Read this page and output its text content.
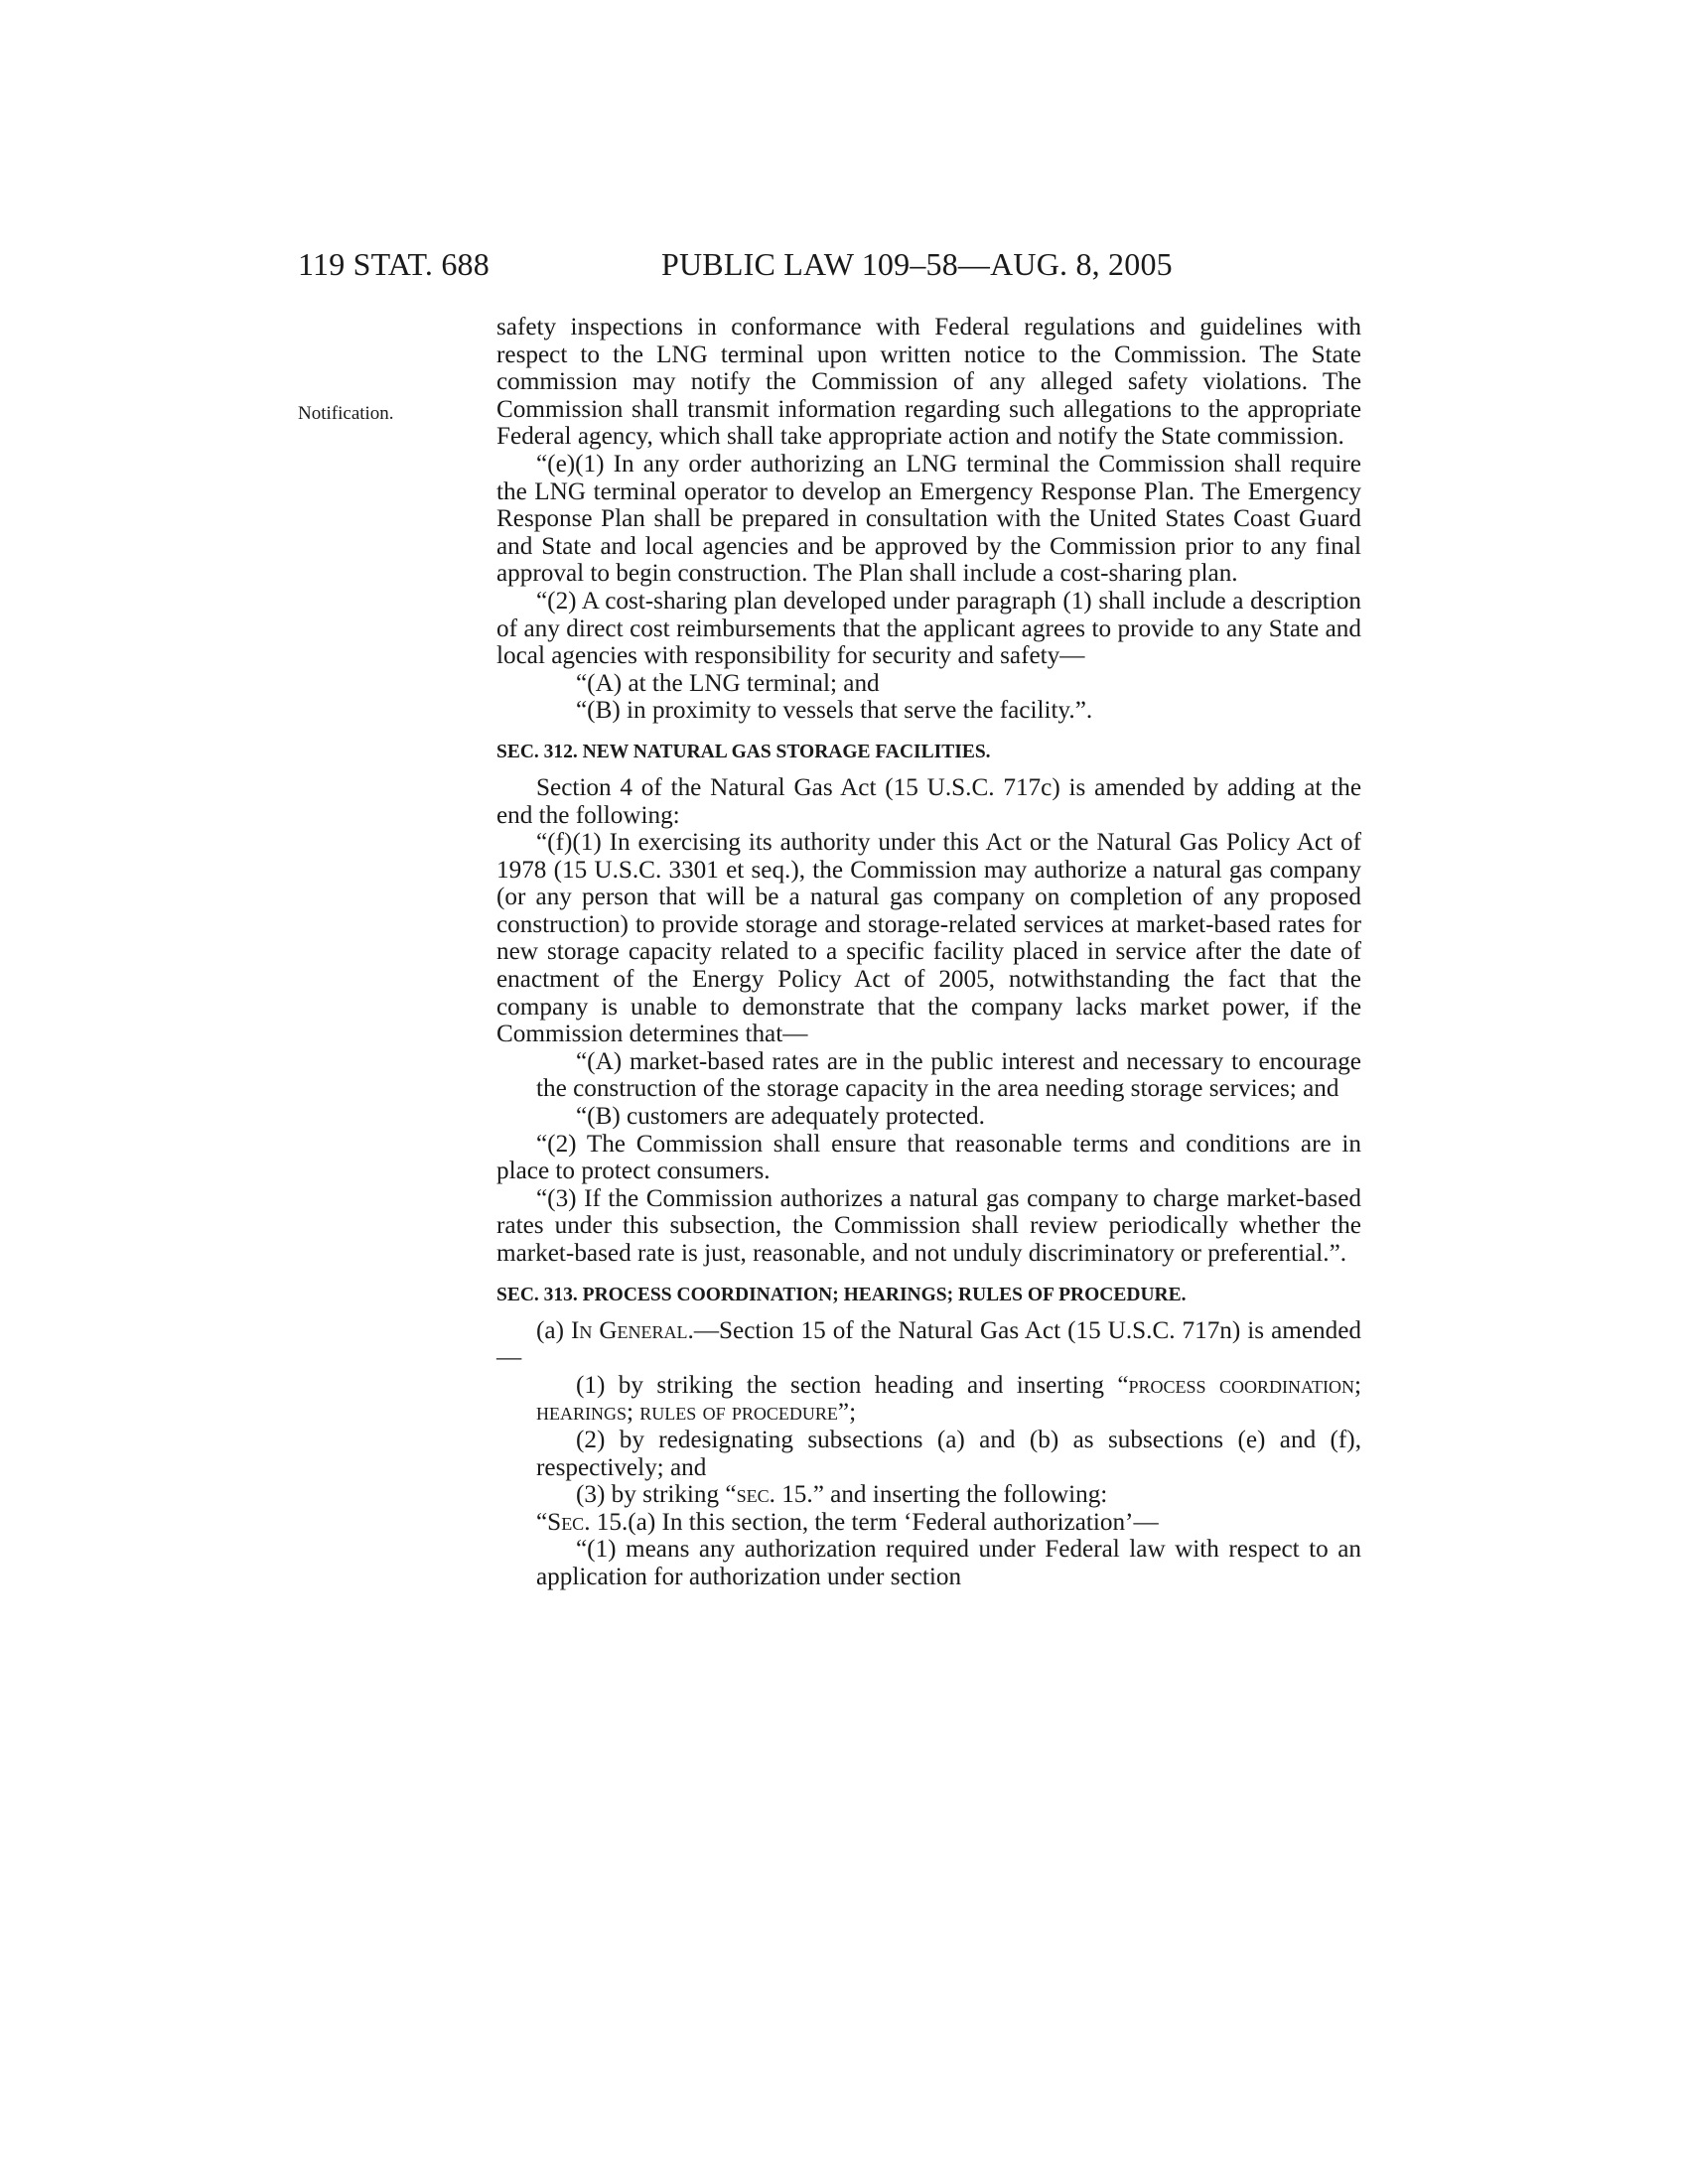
119 STAT. 688	PUBLIC LAW 109–58—AUG. 8, 2005
Notification.

safety inspections in conformance with Federal regulations and guidelines with respect to the LNG terminal upon written notice to the Commission. The State commission may notify the Commission of any alleged safety violations. The Commission shall transmit information regarding such allegations to the appropriate Federal agency, which shall take appropriate action and notify the State commission.

“(e)(1) In any order authorizing an LNG terminal the Commission shall require the LNG terminal operator to develop an Emergency Response Plan. The Emergency Response Plan shall be prepared in consultation with the United States Coast Guard and State and local agencies and be approved by the Commission prior to any final approval to begin construction. The Plan shall include a cost-sharing plan.

“(2) A cost-sharing plan developed under paragraph (1) shall include a description of any direct cost reimbursements that the applicant agrees to provide to any State and local agencies with responsibility for security and safety—

“(A) at the LNG terminal; and

“(B) in proximity to vessels that serve the facility.”.

SEC. 312. NEW NATURAL GAS STORAGE FACILITIES.

Section 4 of the Natural Gas Act (15 U.S.C. 717c) is amended by adding at the end the following:

“(f)(1) In exercising its authority under this Act or the Natural Gas Policy Act of 1978 (15 U.S.C. 3301 et seq.), the Commission may authorize a natural gas company (or any person that will be a natural gas company on completion of any proposed construction) to provide storage and storage-related services at market-based rates for new storage capacity related to a specific facility placed in service after the date of enactment of the Energy Policy Act of 2005, notwithstanding the fact that the company is unable to demonstrate that the company lacks market power, if the Commission determines that—

“(A) market-based rates are in the public interest and necessary to encourage the construction of the storage capacity in the area needing storage services; and

“(B) customers are adequately protected.

“(2) The Commission shall ensure that reasonable terms and conditions are in place to protect consumers.

“(3) If the Commission authorizes a natural gas company to charge market-based rates under this subsection, the Commission shall review periodically whether the market-based rate is just, reasonable, and not unduly discriminatory or preferential.”.

SEC. 313. PROCESS COORDINATION; HEARINGS; RULES OF PROCEDURE.

(a) In General.—Section 15 of the Natural Gas Act (15 U.S.C. 717n) is amended—

(1) by striking the section heading and inserting “process coordination; hearings; rules of procedure”;

(2) by redesignating subsections (a) and (b) as subsections (e) and (f), respectively; and

(3) by striking “sec. 15.” and inserting the following:

“Sec. 15.(a) In this section, the term ‘Federal authorization’—

“(1) means any authorization required under Federal law with respect to an application for authorization under section
